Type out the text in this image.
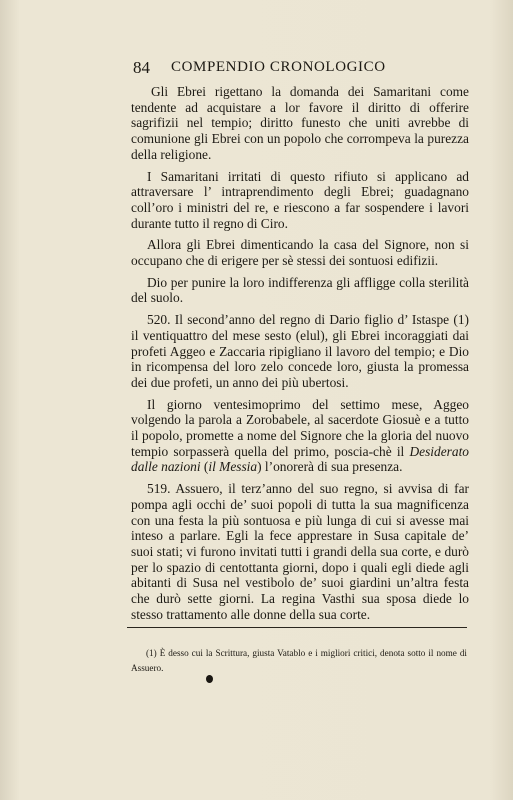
84 COMPENDIO CRONOLOGICO

Gli Ebrei rigettano la domanda dei Samaritani come tendente ad acquistare a lor favore il diritto di offerire sagrifizii nel tempio; diritto funesto che uniti avrebbe di comunione gli Ebrei con un popolo che corrompeva la purezza della religione.

I Samaritani irritati di questo rifiuto si applicano ad attraversare l’ intraprendimento degli Ebrei; guadagnano coll’oro i ministri del re, e riescono a far sospendere i lavori durante tutto il regno di Ciro.

Allora gli Ebrei dimenticando la casa del Signore, non si occupano che di erigere per sè stessi dei sontuosi edifizii.

Dio per punire la loro indifferenza gli affligge colla sterilità del suolo.

520. Il second’anno del regno di Dario figlio d’ Istaspe (1) il ventiquattro del mese sesto (elul), gli Ebrei incoraggiati dai profeti Aggeo e Zaccaria ripigliano il lavoro del tempio; e Dio in ricompensa del loro zelo concede loro, giusta la promessa dei due profeti, un anno dei più ubertosi.

Il giorno ventesimoprimo del settimo mese, Aggeo volgendo la parola a Zorobabele, al sacerdote Giosuè e a tutto il popolo, promette a nome del Signore che la gloria del nuovo tempio sorpasserà quella del primo, poscia-chè il Desiderato dalle nazioni (il Messia) l’onorerà di sua presenza.

519. Assuero, il terz’anno del suo regno, si avvisa di far pompa agli occhi de’ suoi popoli di tutta la sua magnificenza con una festa la più sontuosa e più lunga di cui si avesse mai inteso a parlare. Egli la fece apprestare in Susa capitale de’ suoi stati; vi furono invitati tutti i grandi della sua corte, e durò per lo spazio di centottanta giorni, dopo i quali egli diede agli abitanti di Susa nel vestibolo de’ suoi giardini un’altra festa che durò sette giorni. La regina Vasthi sua sposa diede lo stesso trattamento alle donne della sua corte.

(1) È desso cui la Scrittura, giusta Vatablo e i migliori critici, denota sotto il nome di Assuero.
